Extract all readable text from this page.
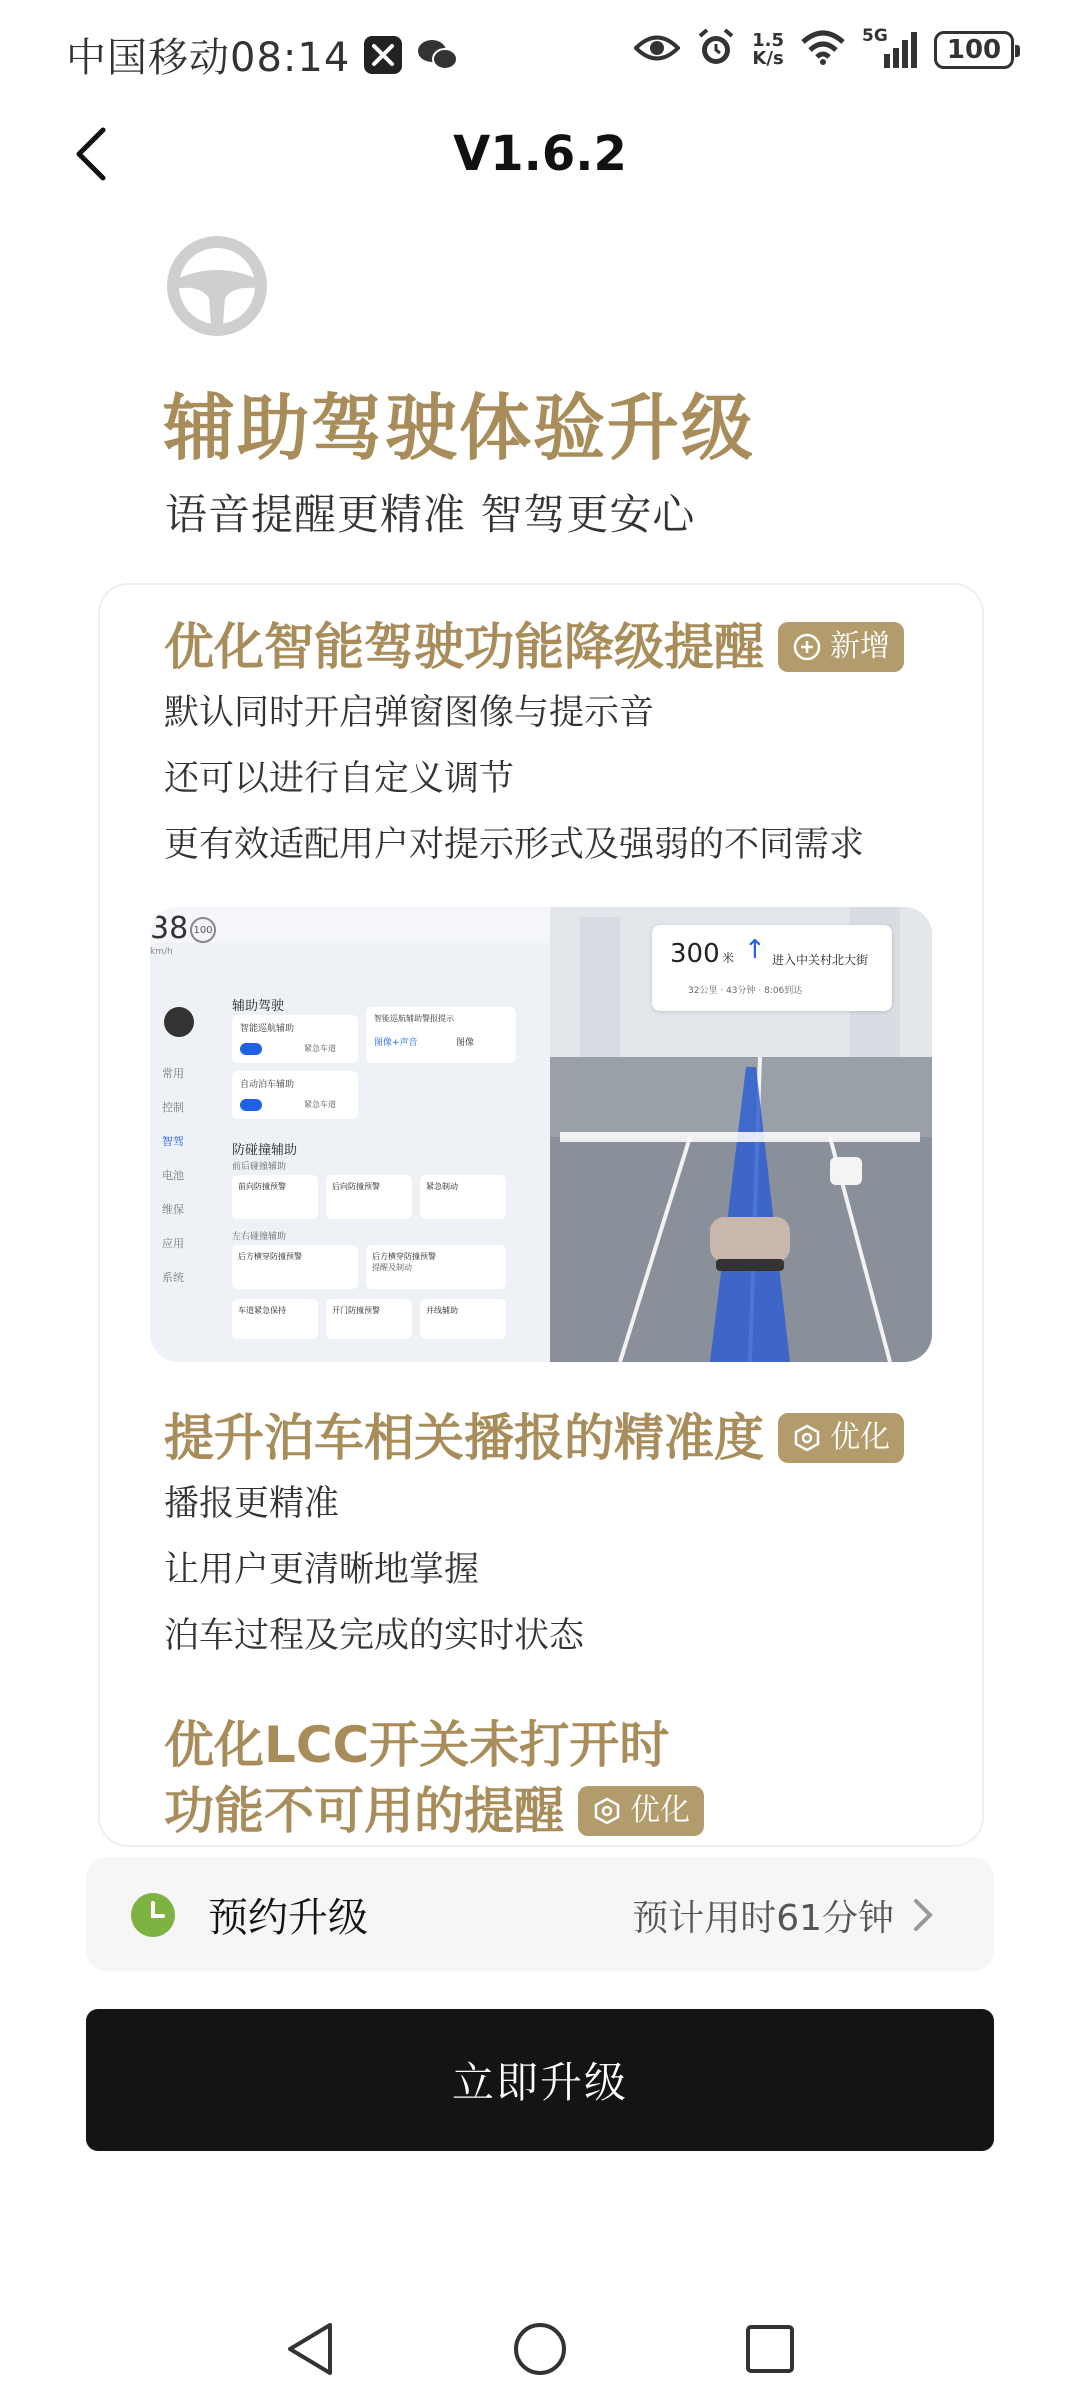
中国移动08:14	1.5
K/s
5G 100
V1.6.2
辅助驾驶体验升级
语音提醒更精准 智驾更安心
优化智能驾驶功能降级提醒 新增
默认同时开启弹窗图像与提示音
还可以进行自定义调节
更有效适配用户对提示形式及强弱的不同需求
38 100
km/h	300 米 ↑ 进入中关村北大街
32公里 · 43分钟 · 8:06到达
常用
控制
智驾
电池
维保
应用
系统
辅助驾驶
智能巡航辅助
紧急车道
智能巡航辅助警报提示
图像+声音	图像
自动泊车辅助
紧急车道
防碰撞辅助
前后碰撞辅助
前向防撞预警	后向防撞预警	紧急制动
左右碰撞辅助
后方横穿防撞预警	后方横穿防撞预警
提醒及制动
车道紧急保持	开门防撞预警	并线辅助
提升泊车相关播报的精准度 优化
播报更精准
让用户更清晰地掌握
泊车过程及完成的实时状态
优化LCC开关未打开时
功能不可用的提醒 优化
预约升级	预计用时61分钟
立即升级
